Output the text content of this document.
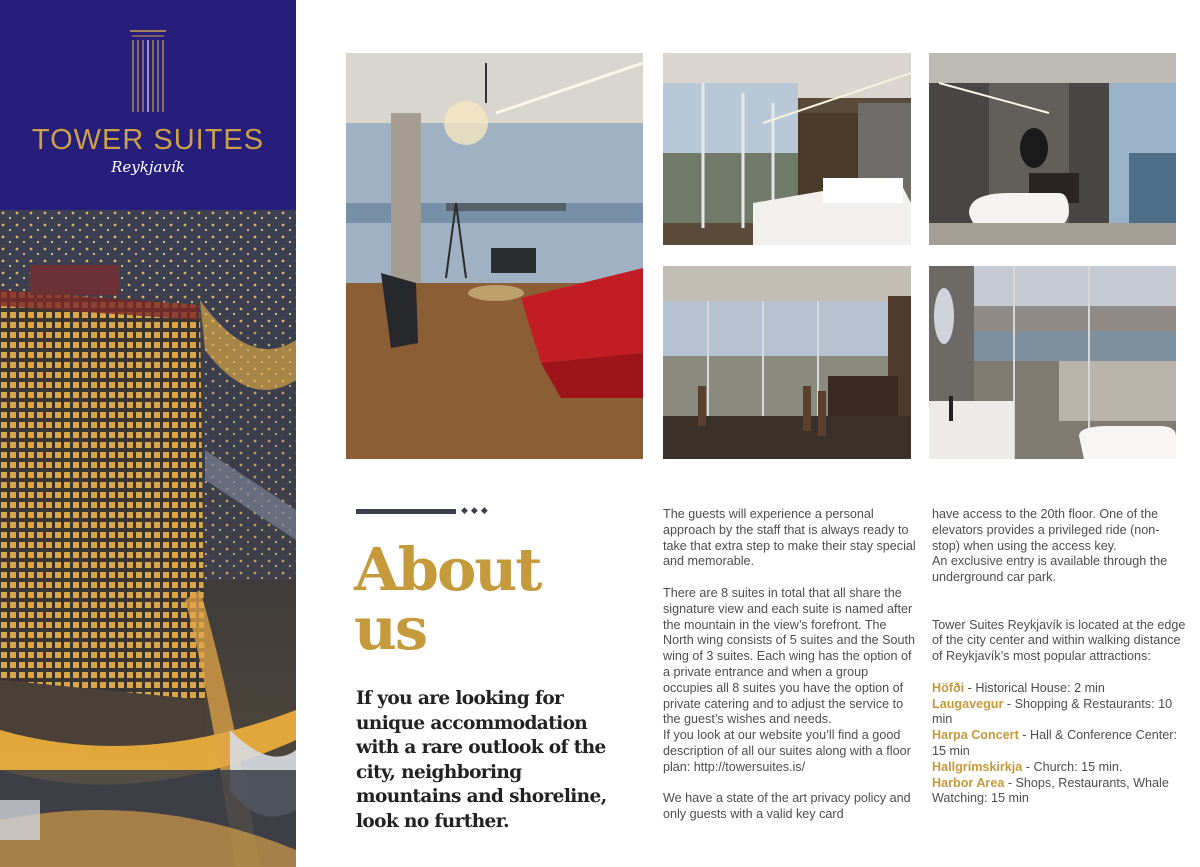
TOWER SUITES
Reykjavík
◆◆◆
About
us
If you are looking for unique accommodation with a rare outlook of the city, neighboring mountains and shoreline, look no further.

The guests will experience a personal approach by the staff that is always ready to take that extra step to make their stay special and memorable.

There are 8 suites in total that all share the signature view and each suite is named after the mountain in the view’s forefront. The North wing consists of 5 suites and the South wing of 3 suites. Each wing has the option of a private entrance and when a group occupies all 8 suites you have the option of private catering and to adjust the service to the guest’s wishes and needs.

If you look at our website you’ll find a good description of all our suites along with a floor plan: http://towersuites.is/

We have a state of the art privacy policy and only guests with a valid key card

have access to the 20th floor. One of the elevators provides a privileged ride (non-stop) when using the access key.

An exclusive entry is available through the underground car park.

Tower Suites Reykjavík is located at the edge of the city center and within walking distance of Reykjavík’s most popular attractions:

Höfði - Historical House: 2 min

Laugavegur - Shopping & Restaurants: 10 min

Harpa Concert - Hall & Conference Center: 15 min

Hallgrímskirkja - Church: 15 min.

Harbor Area - Shops, Restaurants, Whale Watching: 15 min
